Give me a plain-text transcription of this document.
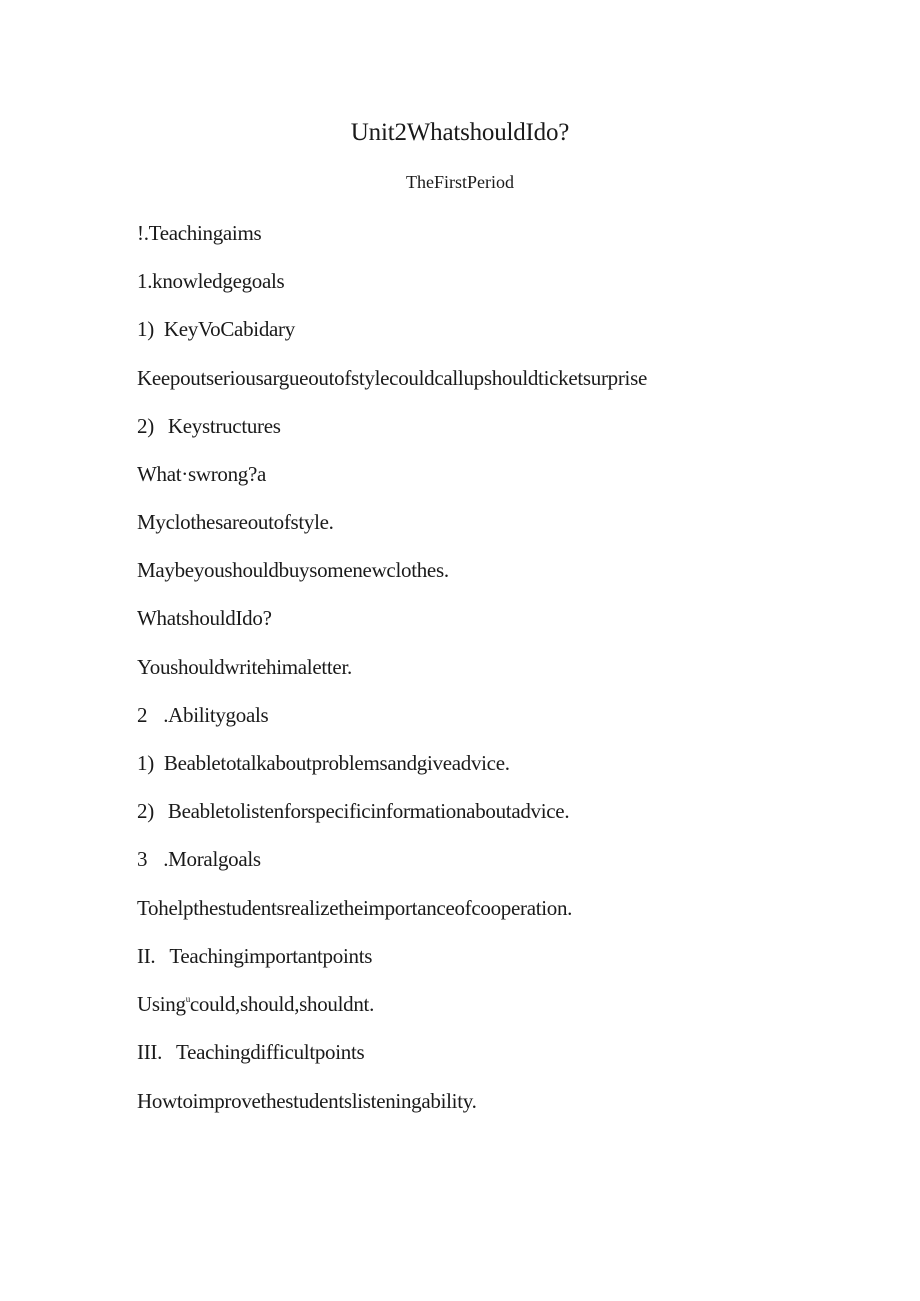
Unit2WhatshouldIdo?
TheFirstPeriod
!.Teachingaims
1.knowledgegoals
1) KeyVoCabidary
Keepoutseriousargueoutofstylecouldcallupshouldticketsurprise
2) Keystructures
What·swrong?a
Myclothesareoutofstyle.
Maybeyoushouldbuysomenewclothes.
WhatshouldIdo?
Youshouldwritehimaletter.
2 .Abilitygoals
1) Beabletotalkaboutproblemsandgiveadvice.
2) Beabletolistenforspecificinformationaboutadvice.
3 .Moralgoals
Tohelpthestudentsrealizetheimportanceofcooperation.
II. Teachingimportantpoints
Using$^u$could,should,shouldnt.
III. Teachingdifficultpoints
Howtoimprovethestudentslisteningability.
